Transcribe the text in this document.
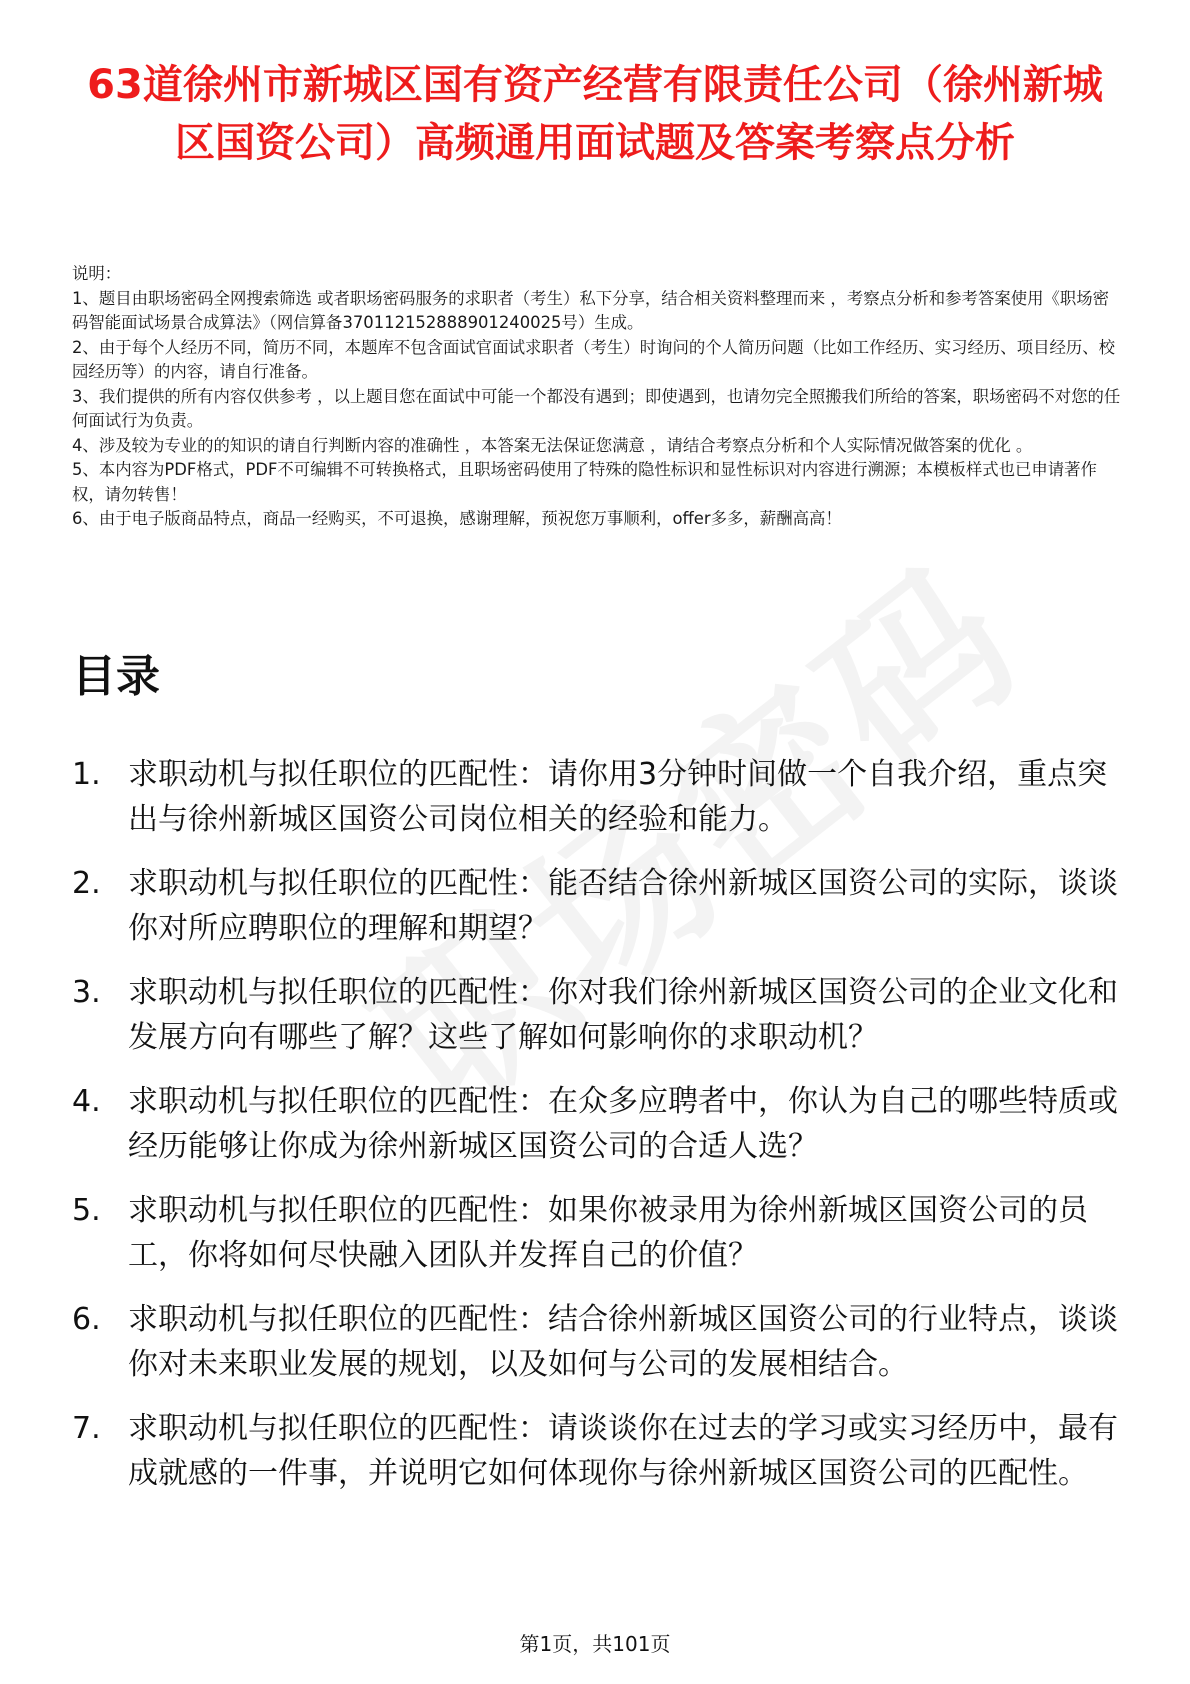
63道徐州市新城区国有资产经营有限责任公司（徐州新城区国资公司）高频通用面试题及答案考察点分析
说明：
1、题目由职场密码全网搜索筛选 或者职场密码服务的求职者（考生）私下分享，结合相关资料整理而来 ，考察点分析和参考答案使用《职场密码智能面试场景合成算法》（网信算备370112152888901240025号）生成。
2、由于每个人经历不同，简历不同，本题库不包含面试官面试求职者（考生）时询问的个人简历问题（比如工作经历、实习经历、项目经历、校园经历等）的内容，请自行准备。
3、我们提供的所有内容仅供参考 ，以上题目您在面试中可能一个都没有遇到；即使遇到，也请勿完全照搬我们所给的答案，职场密码不对您的任何面试行为负责。
4、涉及较为专业的的知识的请自行判断内容的准确性 ，本答案无法保证您满意 ，请结合考察点分析和个人实际情况做答案的优化 。
5、本内容为PDF格式，PDF不可编辑不可转换格式，且职场密码使用了特殊的隐性标识和显性标识对内容进行溯源；本模板样式也已申请著作权，请勿转售！
6、由于电子版商品特点，商品一经购买，不可退换，感谢理解，预祝您万事顺利，offer多多，薪酬高高！
目录
1. 求职动机与拟任职位的匹配性：请你用3分钟时间做一个自我介绍，重点突出与徐州新城区国资公司岗位相关的经验和能力。
2. 求职动机与拟任职位的匹配性：能否结合徐州新城区国资公司的实际，谈谈你对所应聘职位的理解和期望？
3. 求职动机与拟任职位的匹配性：你对我们徐州新城区国资公司的企业文化和发展方向有哪些了解？这些了解如何影响你的求职动机？
4. 求职动机与拟任职位的匹配性：在众多应聘者中，你认为自己的哪些特质或经历能够让你成为徐州新城区国资公司的合适人选？
5. 求职动机与拟任职位的匹配性：如果你被录用为徐州新城区国资公司的员工，你将如何尽快融入团队并发挥自己的价值？
6. 求职动机与拟任职位的匹配性：结合徐州新城区国资公司的行业特点，谈谈你对未来职业发展的规划，以及如何与公司的发展相结合。
7. 求职动机与拟任职位的匹配性：请谈谈你在过去的学习或实习经历中，最有成就感的一件事，并说明它如何体现你与徐州新城区国资公司的匹配性。
第1页，共101页
